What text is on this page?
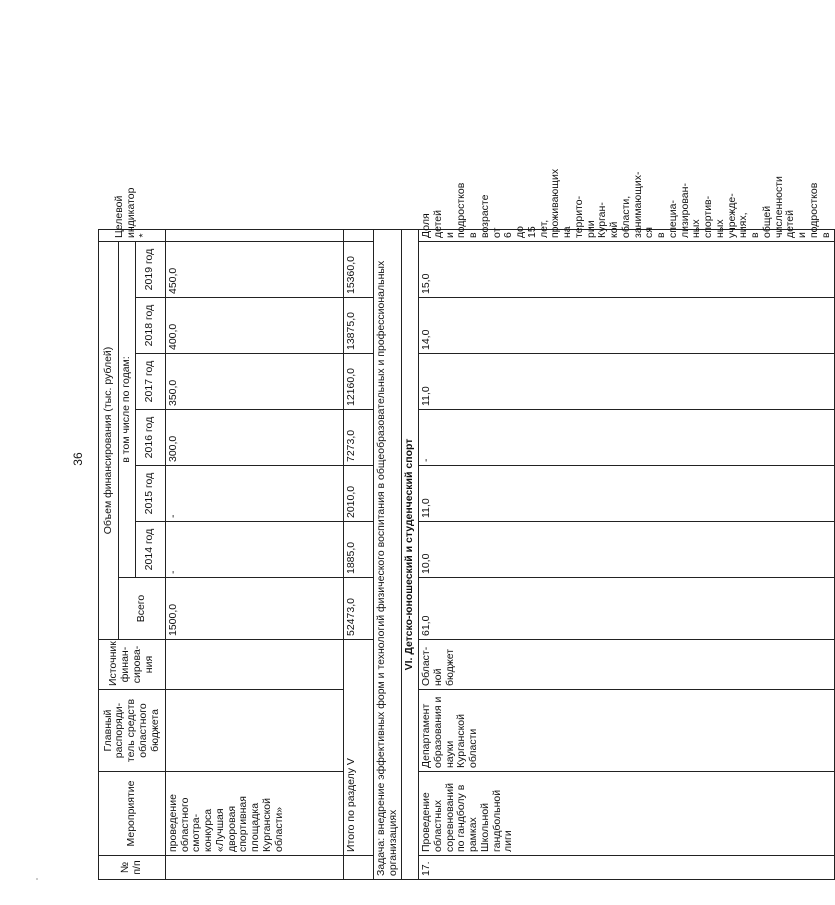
36
№ п/п	Мероприятие	Главный распоряди-тель средств областного бюджета	Источник финан-сирова-ния	Объем финансирования (тыс. рублей)							Целевой индикатор *
				Всего	в том числе по годам:						
					2014 год	2015 год	2016 год	2017 год	2018 год	2019 год	
	проведение областного смотра-конкурса «Лучшая дворовая спортивная площадка Курганской области»			1500,0	-	-	300,0	350,0	400,0	450,0	
	Итого по разделу V			52473,0	1885,0	2010,0	7273,0	12160,0	13875,0	15360,0	
Задача: внедрение эффективных форм и технологий физического воспитания в общеобразовательных и профессиональных организациях											
VI. Детско-юношеский и студенческий спорт											
17.	Проведение областных соревнований по гандболу в рамках Школьной гандбольной лиги	Департамент образования и науки Курганской области	Област-ной бюджет	61,0	10,0	11,0	-	11,0	14,0	15,0	Доля детей и подростков в возрасте от 6 до 15 лет, проживающих на террито-рии Курган-кой области, занимающих-ся в специа-лизирован-ных спортив-ных учрежде-ниях, в общей численности детей и подростков в
